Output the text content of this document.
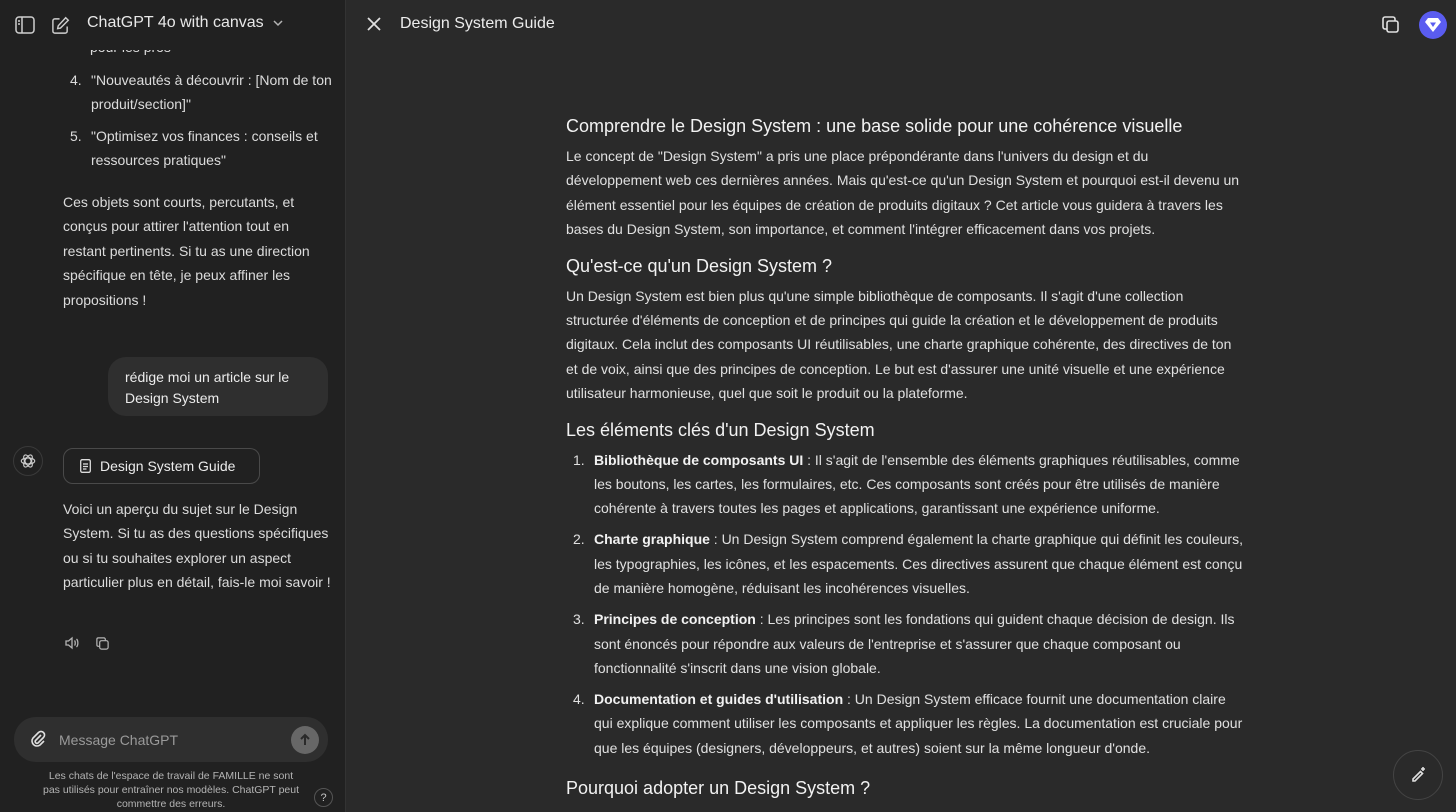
4. "Nouveautés à découvrir : [Nom de ton produit/section]"
5. "Optimisez vos finances : conseils et ressources pratiques"
Ces objets sont courts, percutants, et conçus pour attirer l'attention tout en restant pertinents. Si tu as une direction spécifique en tête, je peux affiner les propositions !
rédige moi un article sur le Design System
Design System Guide
Voici un aperçu du sujet sur le Design System. Si tu as des questions spécifiques ou si tu souhaites explorer un aspect particulier plus en détail, fais-le moi savoir !
ChatGPT 4o with canvas
Message ChatGPT
Les chats de l'espace de travail de FAMILLE ne sont pas utilisés pour entraîner nos modèles. ChatGPT peut commettre des erreurs.
?
Design System Guide
Comprendre le Design System : une base solide pour une cohérence visuelle

Le concept de "Design System" a pris une place prépondérante dans l'univers du design et du développement web ces dernières années. Mais qu'est-ce qu'un Design System et pourquoi est-il devenu un élément essentiel pour les équipes de création de produits digitaux ? Cet article vous guidera à travers les bases du Design System, son importance, et comment l'intégrer efficacement dans vos projets.

Qu'est-ce qu'un Design System ?

Un Design System est bien plus qu'une simple bibliothèque de composants. Il s'agit d'une collection structurée d'éléments de conception et de principes qui guide la création et le développement de produits digitaux. Cela inclut des composants UI réutilisables, une charte graphique cohérente, des directives de ton et de voix, ainsi que des principes de conception. Le but est d'assurer une unité visuelle et une expérience utilisateur harmonieuse, quel que soit le produit ou la plateforme.

Les éléments clés d'un Design System
1. Bibliothèque de composants UI : Il s'agit de l'ensemble des éléments graphiques réutilisables, comme les boutons, les cartes, les formulaires, etc. Ces composants sont créés pour être utilisés de manière cohérente à travers toutes les pages et applications, garantissant une expérience uniforme.
2. Charte graphique : Un Design System comprend également la charte graphique qui définit les couleurs, les typographies, les icônes, et les espacements. Ces directives assurent que chaque élément est conçu de manière homogène, réduisant les incohérences visuelles.
3. Principes de conception : Les principes sont les fondations qui guident chaque décision de design. Ils sont énoncés pour répondre aux valeurs de l'entreprise et s'assurer que chaque composant ou fonctionnalité s'inscrit dans une vision globale.
4. Documentation et guides d'utilisation : Un Design System efficace fournit une documentation claire qui explique comment utiliser les composants et appliquer les règles. La documentation est cruciale pour que les équipes (designers, développeurs, et autres) soient sur la même longueur d'onde.
Pourquoi adopter un Design System ?
